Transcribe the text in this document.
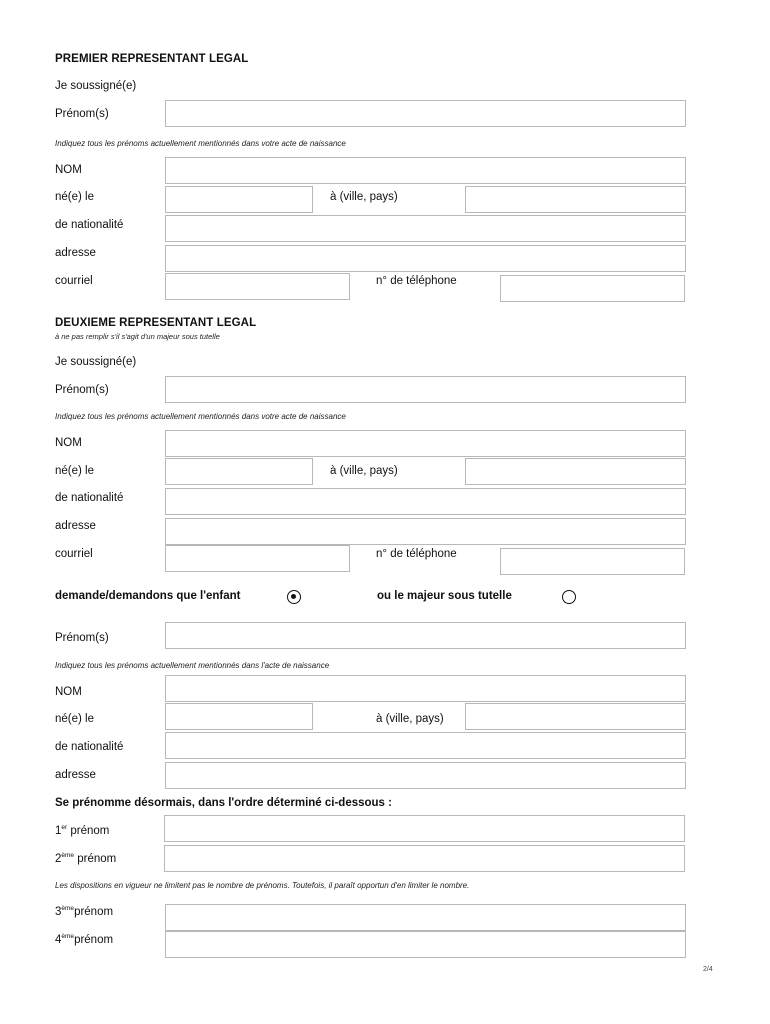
PREMIER REPRESENTANT LEGAL
Je soussigné(e)
Prénom(s)
Indiquez tous les prénoms actuellement mentionnés dans votre acte de naissance
NOM
né(e) le	à (ville, pays)
de nationalité
adresse
courriel	n° de téléphone
DEUXIEME REPRESENTANT LEGAL
à ne pas remplir s'il s'agit d'un majeur sous tutelle
Je soussigné(e)
Prénom(s)
Indiquez tous les prénoms actuellement mentionnés dans votre acte de naissance
NOM
né(e) le	à (ville, pays)
de nationalité
adresse
courriel	n° de téléphone
demande/demandons que l'enfant	ou le majeur sous tutelle
Prénom(s)
Indiquez tous les prénoms actuellement mentionnés dans l'acte de naissance
NOM
né(e) le	à (ville, pays)
de nationalité
adresse
Se prénomme désormais, dans l'ordre déterminé ci-dessous :
1er prénom
2ème prénom
Les dispositions en vigueur ne limitent pas le nombre de prénoms. Toutefois, il paraît opportun d'en limiter le nombre.
3èmeprénom
4èmeprénom
2/4
